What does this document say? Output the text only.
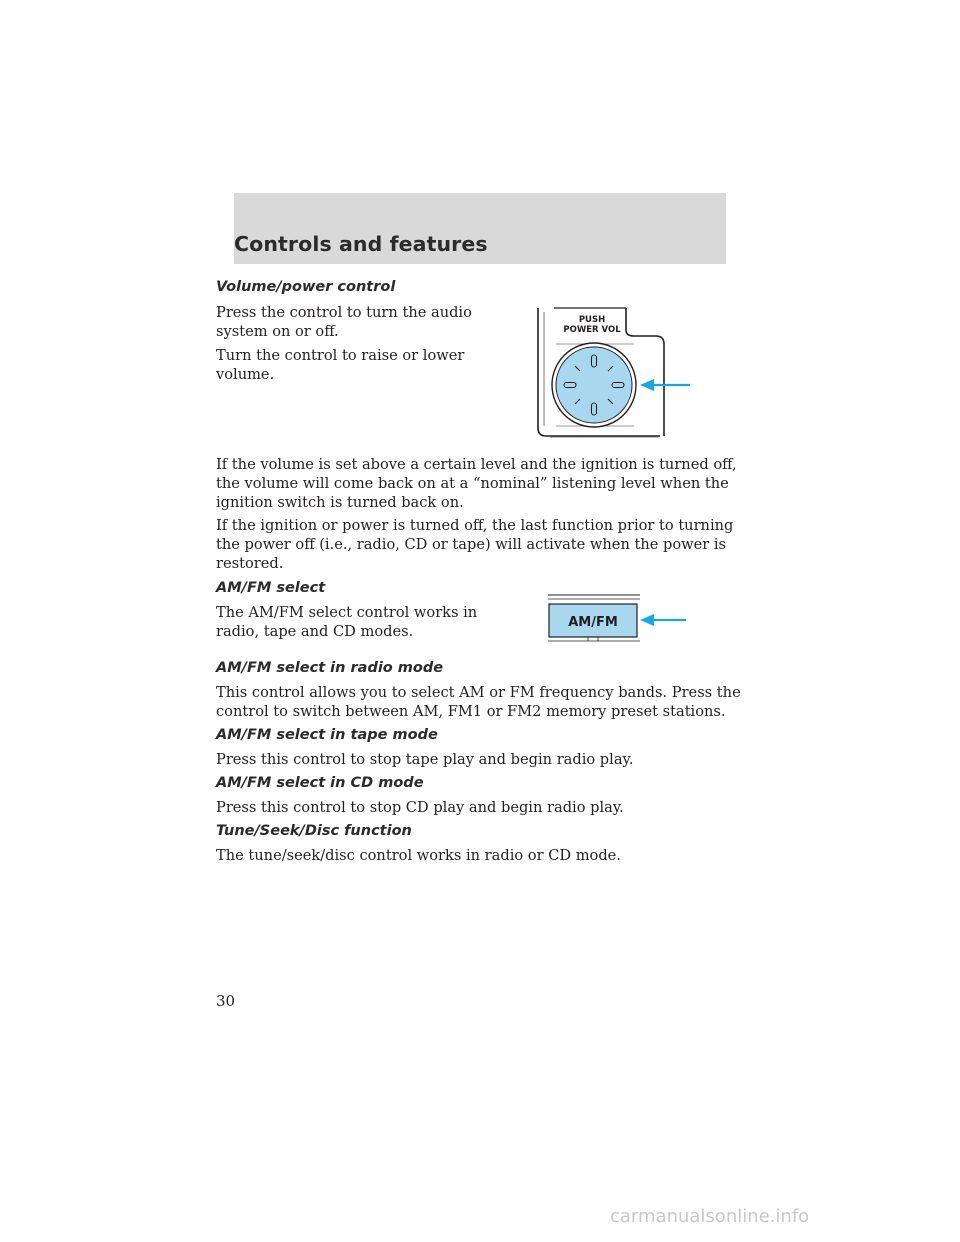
Controls and features
Volume/power control
Press the control to turn the audio
system on or off.
Turn the control to raise or lower
volume.
PUSH
POWER VOL
If the volume is set above a certain level and the ignition is turned off,
the volume will come back on at a “nominal” listening level when the
ignition switch is turned back on.
If the ignition or power is turned off, the last function prior to turning
the power off (i.e., radio, CD or tape) will activate when the power is
restored.
AM/FM select
The AM/FM select control works in
radio, tape and CD modes.
AM/FM
AM/FM select in radio mode
This control allows you to select AM or FM frequency bands. Press the
control to switch between AM, FM1 or FM2 memory preset stations.
AM/FM select in tape mode
Press this control to stop tape play and begin radio play.
AM/FM select in CD mode
Press this control to stop CD play and begin radio play.
Tune/Seek/Disc function
The tune/seek/disc control works in radio or CD mode.
30
carmanualsonline.info
